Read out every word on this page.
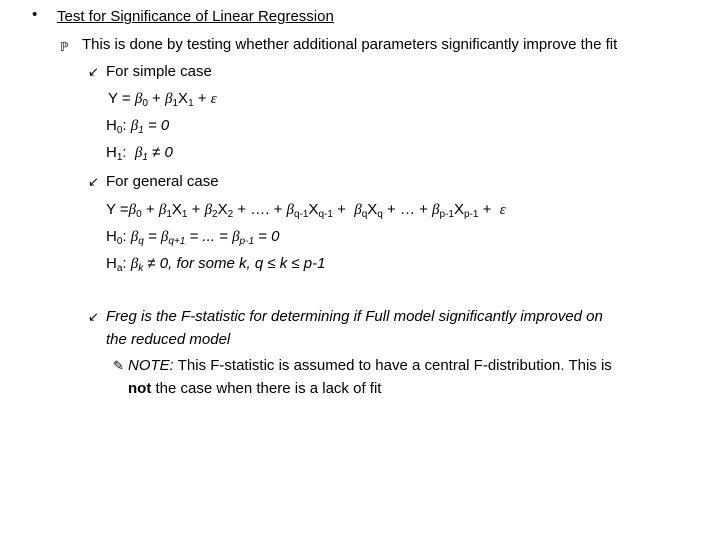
• Test for Significance of Linear Regression
ℙ This is done by testing whether additional parameters significantly improve the fit
↙ For simple case
$Y = \beta_0 + \beta_1X_1 + \varepsilon$
$H_0$: $\beta_1 = 0$
$H_1$:  $\beta_1 \ne 0$
↙ For general case
$Y =\beta_0 + \beta_1X_1 + \beta_2X_2$ + …. + $\beta_{q-1}X_{q-1} + \beta_qX_q$ + … + $\beta_{p-1}X_{p-1} + \varepsilon$
$H_0$: $\beta_q = \beta_{q+1}$ = ... = $\beta_{p-1} = 0$
$H_a$: $\beta_k \ne 0$, for some k, q ≤ k ≤ p-1
↙ Freg is the F-statistic for determining if Full model significantly improved on
the reduced model
✎ NOTE: This F-statistic is assumed to have a central F-distribution. This is
not the case when there is a lack of fit
